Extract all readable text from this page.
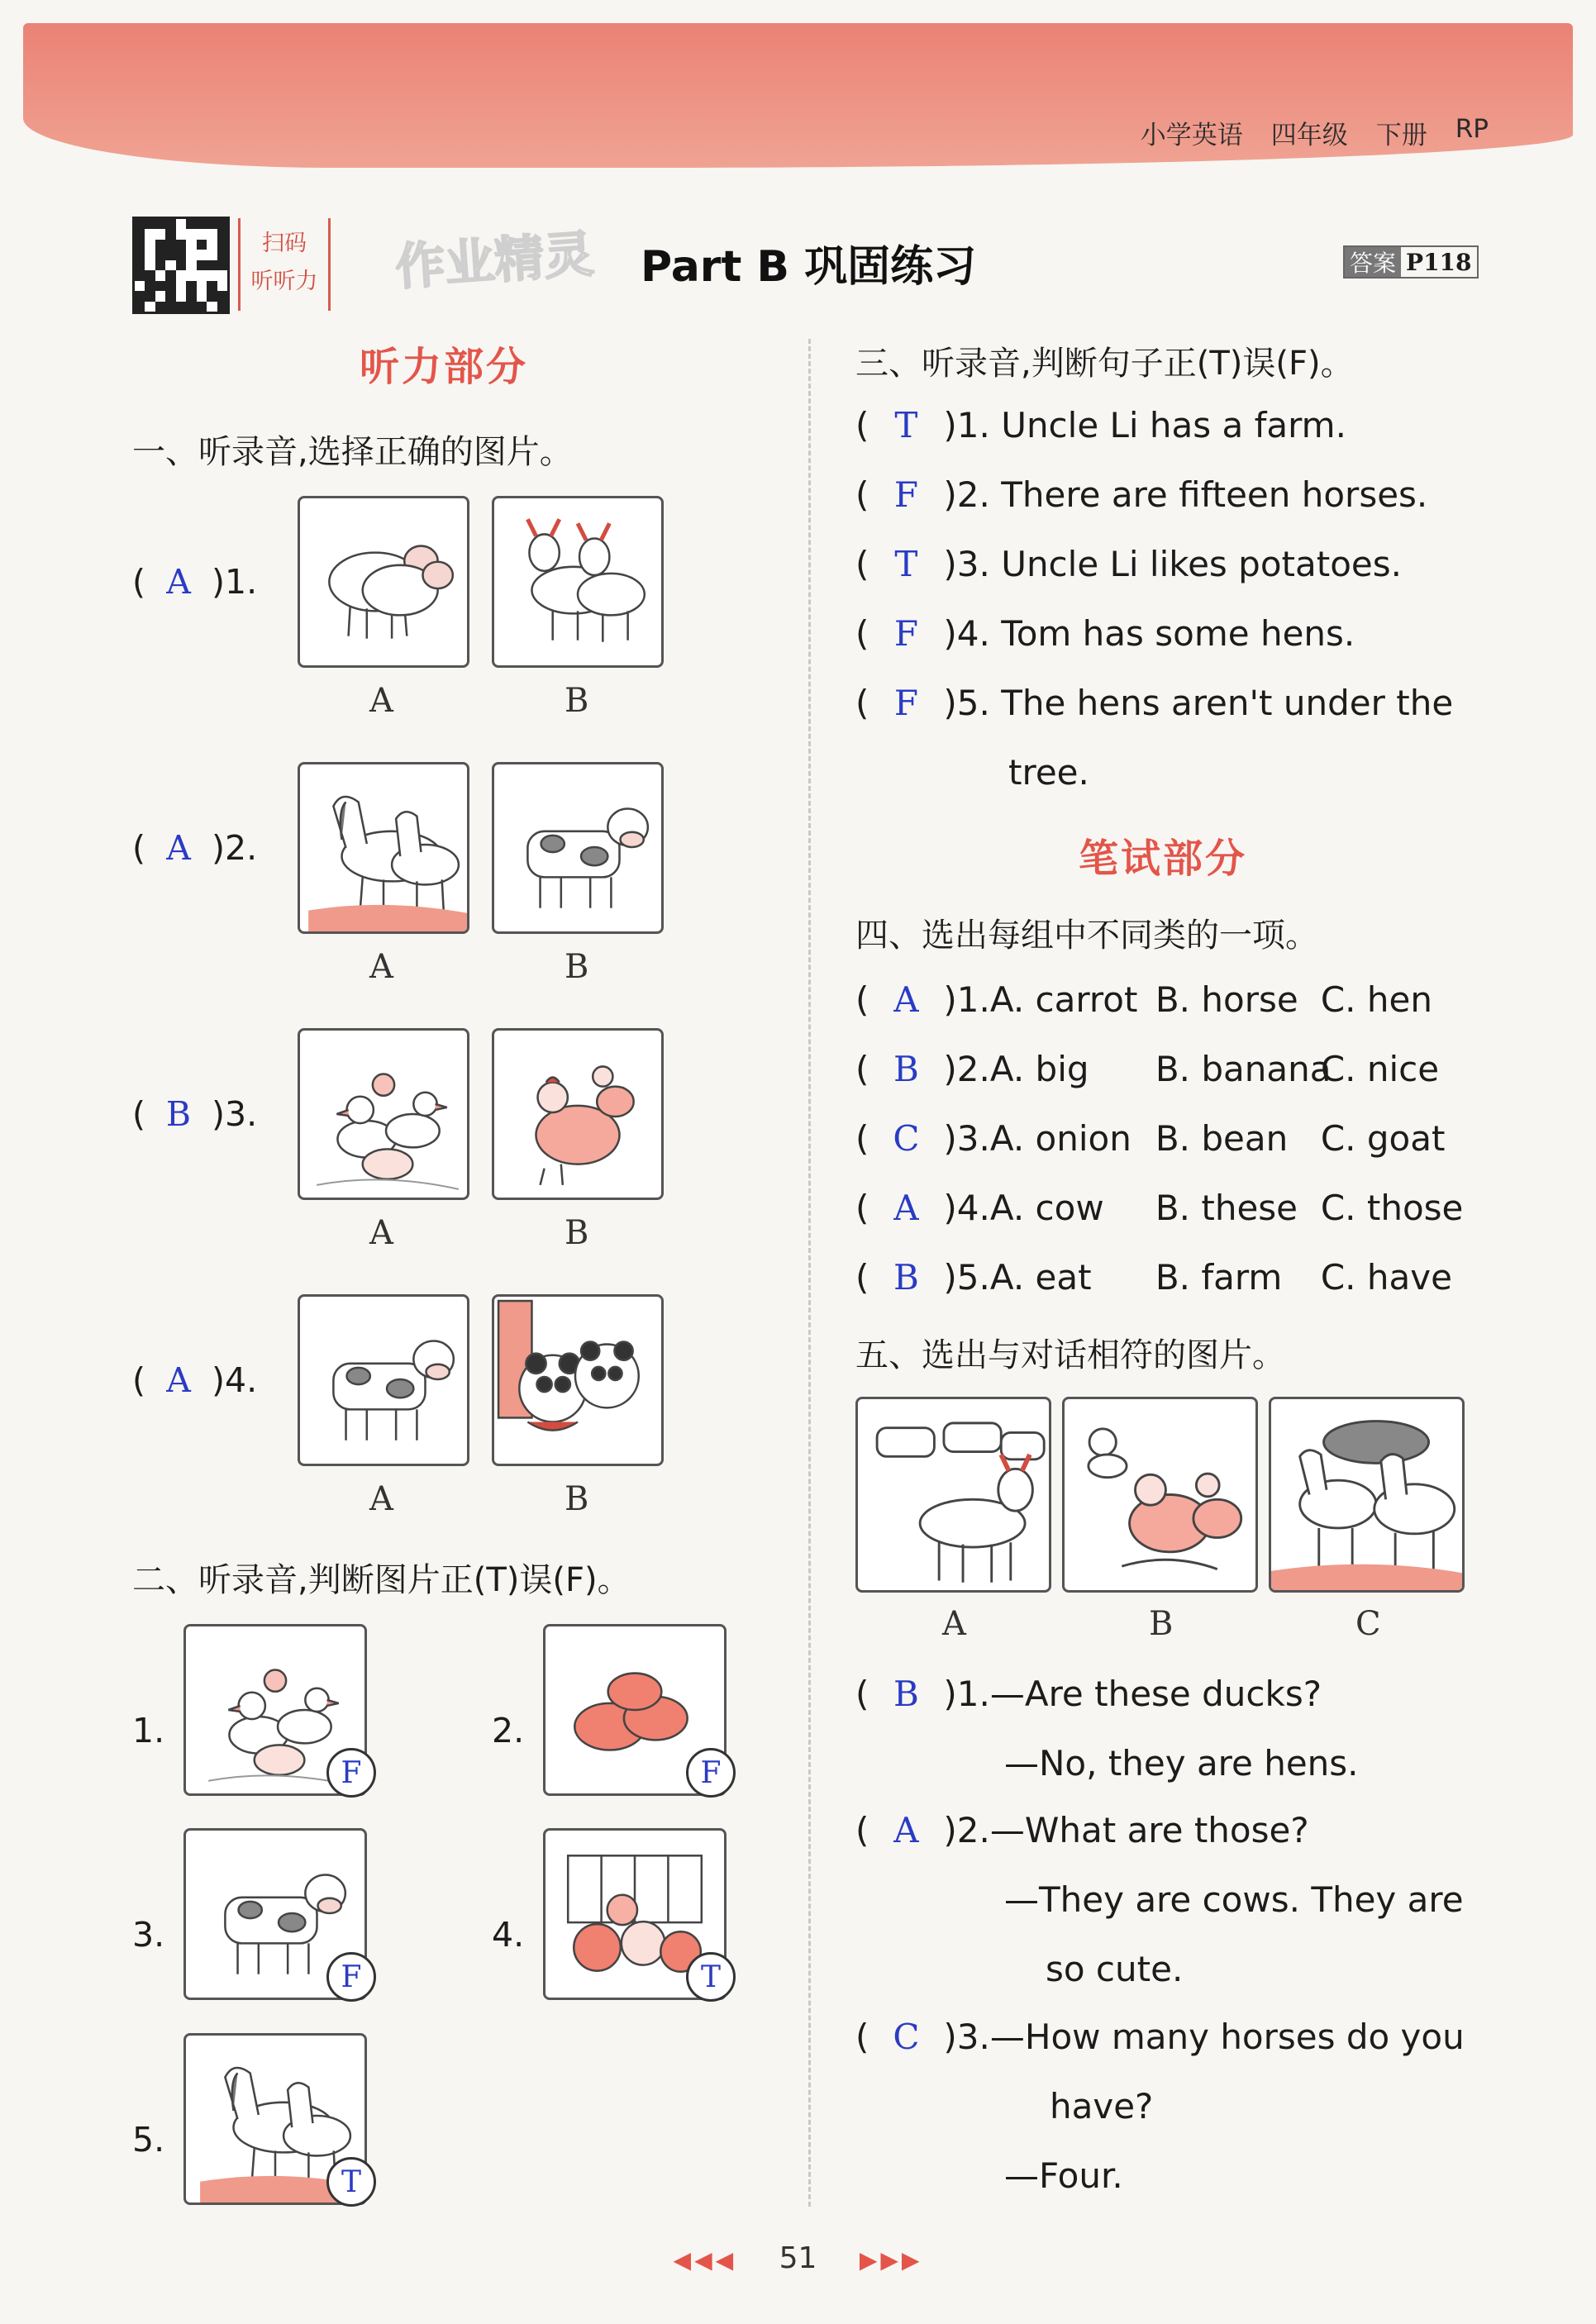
小学英语 四年级 下册 RP
扫码
听听力 作业精灵 Part B 巩固练习	答案 P118
听力部分
一、听录音,选择正确的图片。
( A ) 1.
A	B
( A ) 2.
A	B
( B ) 3.
A	B
( A ) 4.
A	B
二、听录音,判断图片正(T)误(F)。
1.
F
2.
F
3.
F
4.
T
5.
T
三、听录音,判断句子正(T)误(F)。
( T )1. Uncle Li has a farm.
( F )2. There are fifteen horses.
( T )3. Uncle Li likes potatoes.
( F )4. Tom has some hens.
( F )5. The hens aren't under the
tree.
笔试部分
四、选出每组中不同类的一项。
( A )1.A. carrot B. horse C. hen
( B )2.A. big B. bananaC. nice
( C )3.A. onion B. bean C. goat
( A )4.A. cow B. these C. those
( B )5.A. eat B. farm C. have
五、选出与对话相符的图片。
A	B	C
( B )1.—Are these ducks?
—No, they are hens.
( A )2.—What are those?
—They are cows. They are
so cute.
( C )3.—How many horses do you
have?
—Four.
◀◀◀ 51 ▶▶▶
